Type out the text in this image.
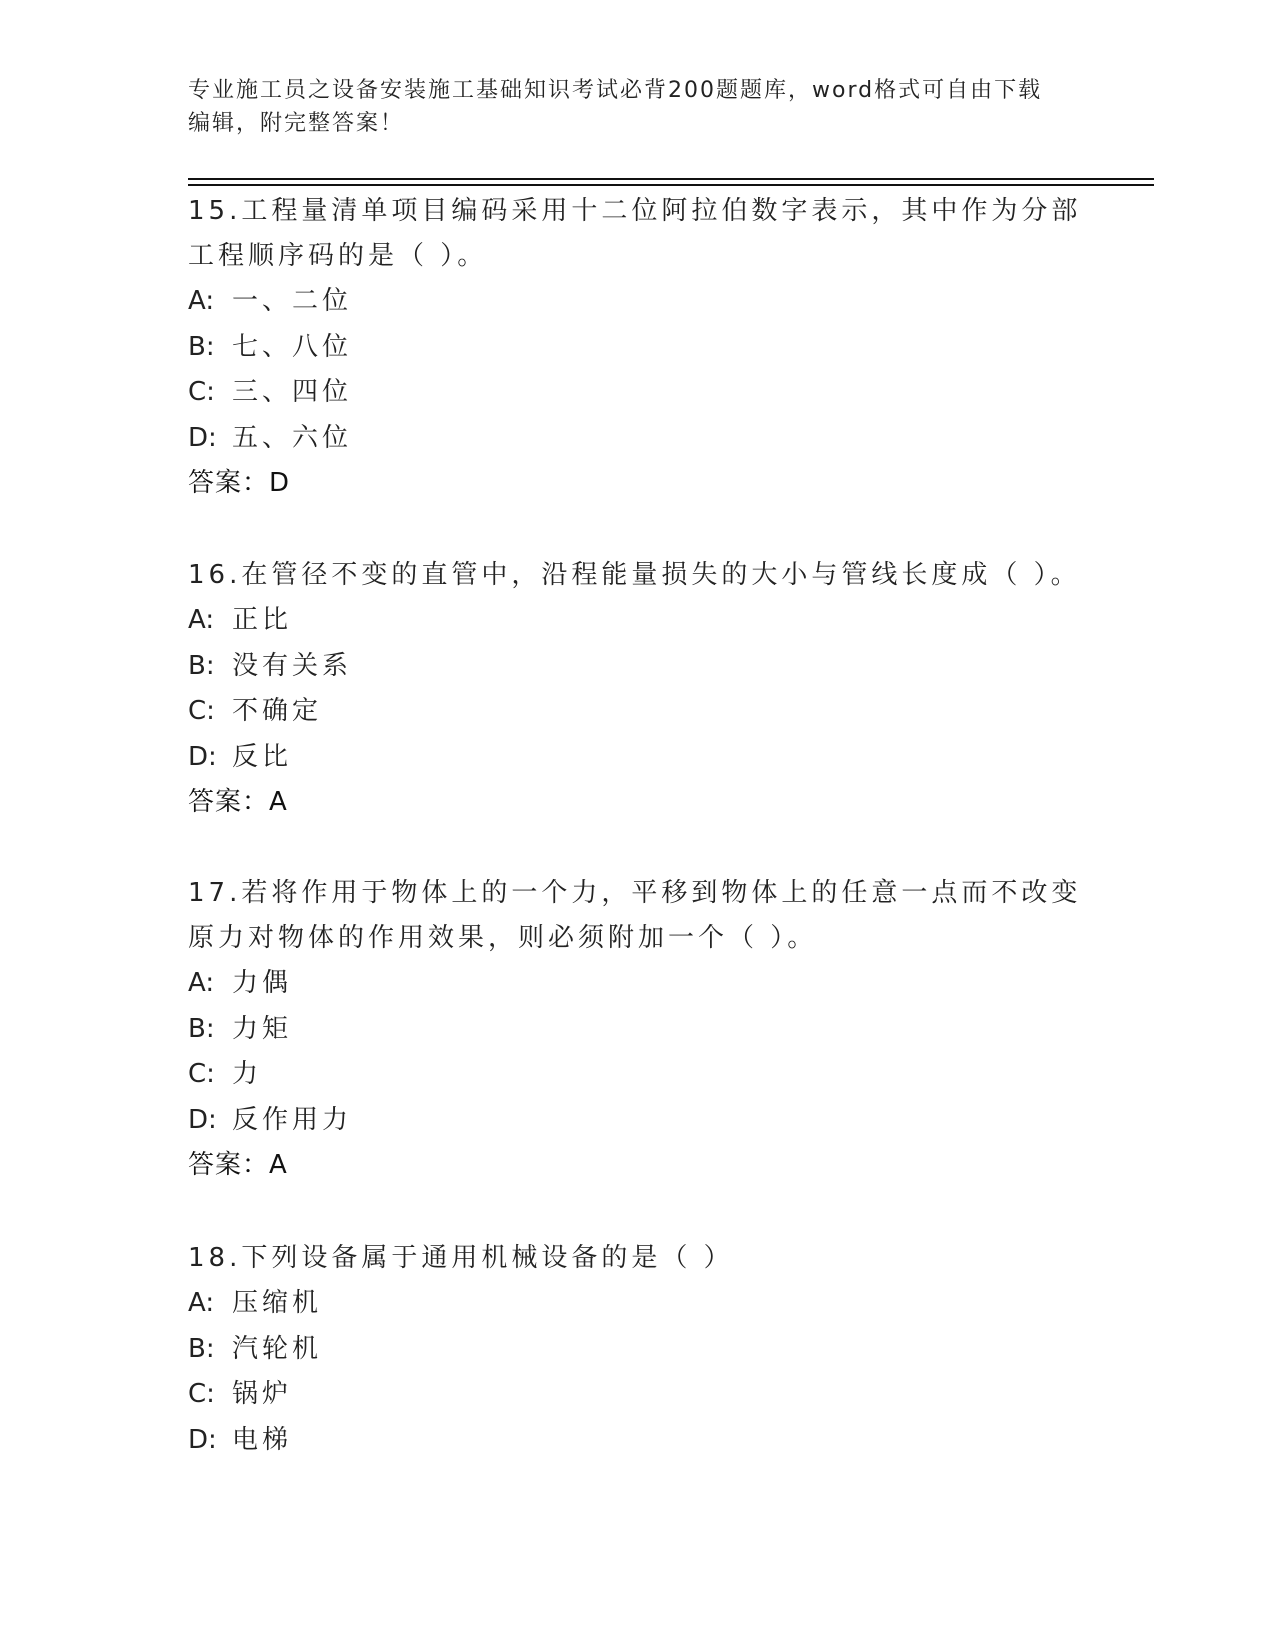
专业施工员之设备安装施工基础知识考试必背200题题库，word格式可自由下载
编辑，附完整答案！

15.工程量清单项目编码采用十二位阿拉伯数字表示，其中作为分部工程顺序码的是（ ）。

A: 一、二位
B: 七、八位
C: 三、四位
D: 五、六位
答案：D

16.在管径不变的直管中，沿程能量损失的大小与管线长度成（ ）。

A: 正比
B: 没有关系
C: 不确定
D: 反比
答案：A

17.若将作用于物体上的一个力，平移到物体上的任意一点而不改变原力对物体的作用效果，则必须附加一个（ ）。

A: 力偶
B: 力矩
C: 力
D: 反作用力
答案：A

18.下列设备属于通用机械设备的是（ ）

A: 压缩机
B: 汽轮机
C: 锅炉
D: 电梯
